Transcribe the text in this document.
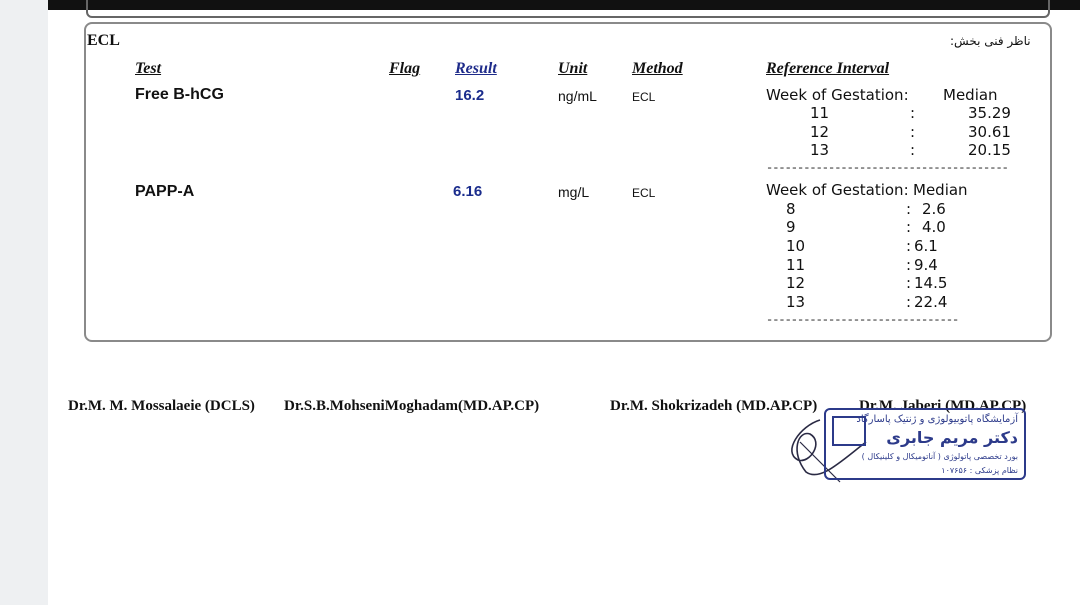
ECL	ناظر فنی بخش:
Test	Flag Result	Unit	Method	Reference Interval
Free B-hCG	16.2	ng/mL	ECL	Week of Gestation: Median
11	:	35.29
12	:	30.61
13	:	20.15
---------------------------------------
PAPP-A	6.16	mg/L	ECL	Week of Gestation: Median
8	: 2.6
9	: 4.0
10	: 6.1
11	: 9.4
12	: 14.5
13	: 22.4
-------------------------------
Dr.M. M. Mossalaeie (DCLS) Dr.S.B.MohseniMoghadam(MD.AP.CP)	Dr.M. Shokrizadeh (MD.AP.CP)	Dr.M. Jaberi (MD.AP.CP)
آزمایشگاه پاتوبیولوژی و ژنتیک پاسارگاد
دکتر مریم جابری
بورد تخصصی پاتولوژی ( آناتومیکال و کلینیکال )
نظام پزشکی : ۱۰۷۶۵۶
